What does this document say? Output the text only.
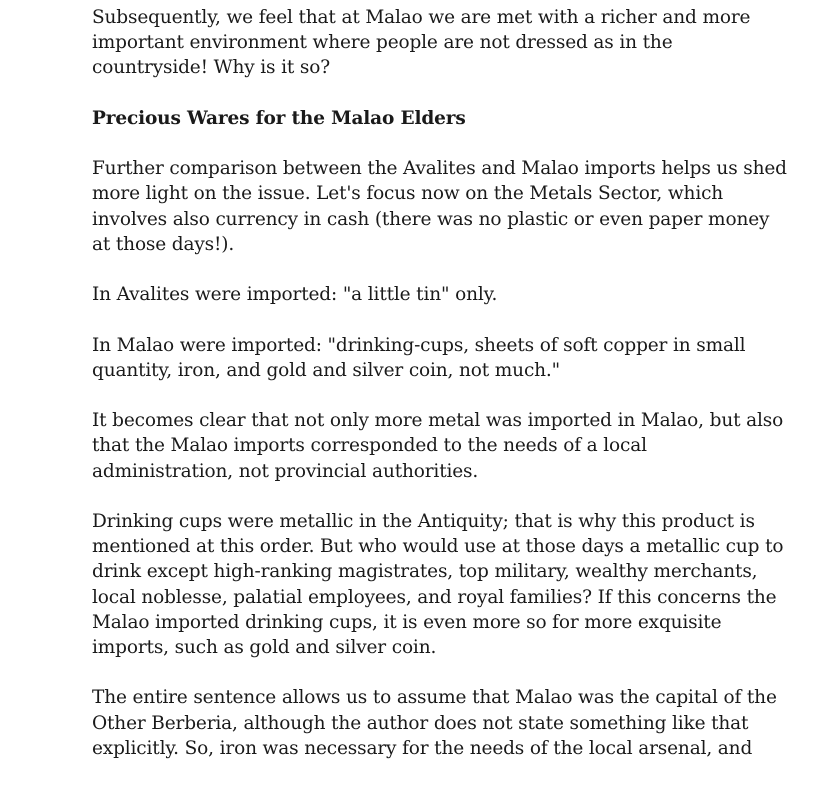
Subsequently, we feel that at Malao we are met with a richer and more important environment where people are not dressed as in the countryside! Why is it so?

Precious Wares for the Malao Elders

Further comparison between the Avalites and Malao imports helps us shed more light on the issue. Let's focus now on the Metals Sector, which involves also currency in cash (there was no plastic or even paper money at those days!).

In Avalites were imported: "a little tin" only.

In Malao were imported: "drinking-cups, sheets of soft copper in small quantity, iron, and gold and silver coin, not much."

It becomes clear that not only more metal was imported in Malao, but also that the Malao imports corresponded to the needs of a local administration, not provincial authorities.

Drinking cups were metallic in the Antiquity; that is why this product is mentioned at this order. But who would use at those days a metallic cup to drink except high-ranking magistrates, top military, wealthy merchants, local noblesse, palatial employees, and royal families? If this concerns the Malao imported drinking cups, it is even more so for more exquisite imports, such as gold and silver coin.

The entire sentence allows us to assume that Malao was the capital of the Other Berberia, although the author does not state something like that explicitly. So, iron was necessary for the needs of the local arsenal, and
